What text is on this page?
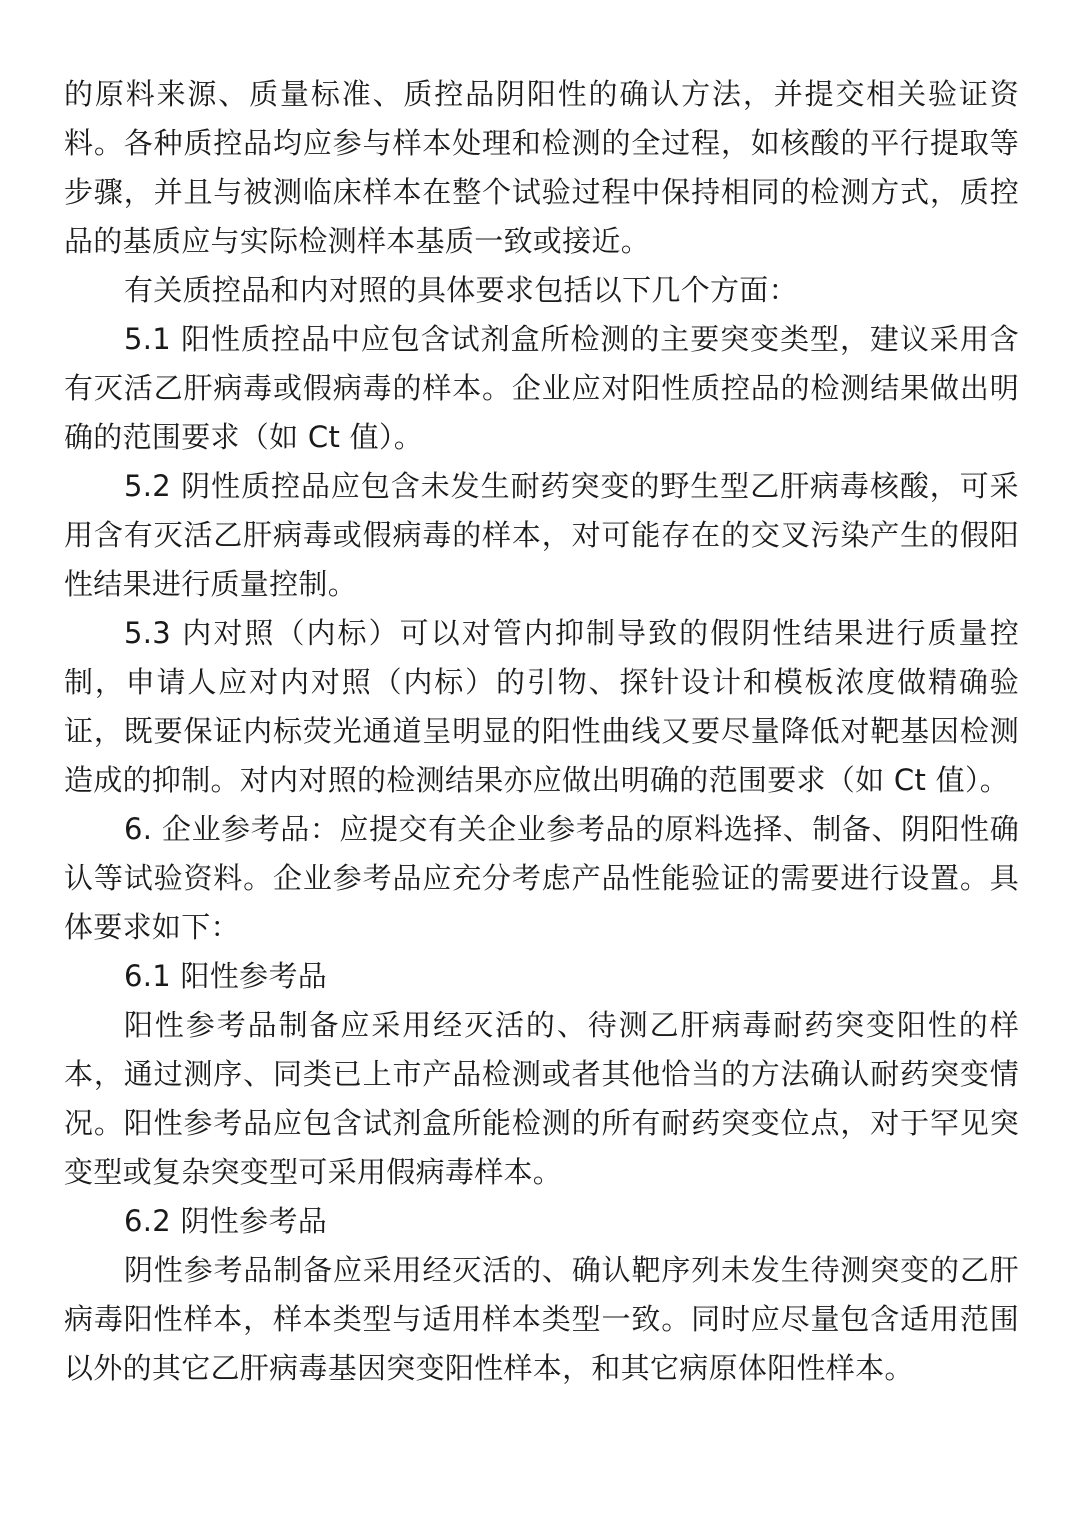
的原料来源、质量标准、质控品阴阳性的确认方法，并提交相关验证资料。各种质控品均应参与样本处理和检测的全过程，如核酸的平行提取等步骤，并且与被测临床样本在整个试验过程中保持相同的检测方式，质控品的基质应与实际检测样本基质一致或接近。

有关质控品和内对照的具体要求包括以下几个方面：

5.1 阳性质控品中应包含试剂盒所检测的主要突变类型，建议采用含有灭活乙肝病毒或假病毒的样本。企业应对阳性质控品的检测结果做出明确的范围要求（如 Ct 值）。

5.2 阴性质控品应包含未发生耐药突变的野生型乙肝病毒核酸，可采用含有灭活乙肝病毒或假病毒的样本，对可能存在的交叉污染产生的假阳性结果进行质量控制。

5.3 内对照（内标）可以对管内抑制导致的假阴性结果进行质量控制，申请人应对内对照（内标）的引物、探针设计和模板浓度做精确验证，既要保证内标荧光通道呈明显的阳性曲线又要尽量降低对靶基因检测造成的抑制。对内对照的检测结果亦应做出明确的范围要求（如 Ct 值）。

6. 企业参考品：应提交有关企业参考品的原料选择、制备、阴阳性确认等试验资料。企业参考品应充分考虑产品性能验证的需要进行设置。具体要求如下：

6.1 阳性参考品

阳性参考品制备应采用经灭活的、待测乙肝病毒耐药突变阳性的样本，通过测序、同类已上市产品检测或者其他恰当的方法确认耐药突变情况。阳性参考品应包含试剂盒所能检测的所有耐药突变位点，对于罕见突变型或复杂突变型可采用假病毒样本。

6.2 阴性参考品

阴性参考品制备应采用经灭活的、确认靶序列未发生待测突变的乙肝病毒阳性样本，样本类型与适用样本类型一致。同时应尽量包含适用范围以外的其它乙肝病毒基因突变阳性样本，和其它病原体阳性样本。
